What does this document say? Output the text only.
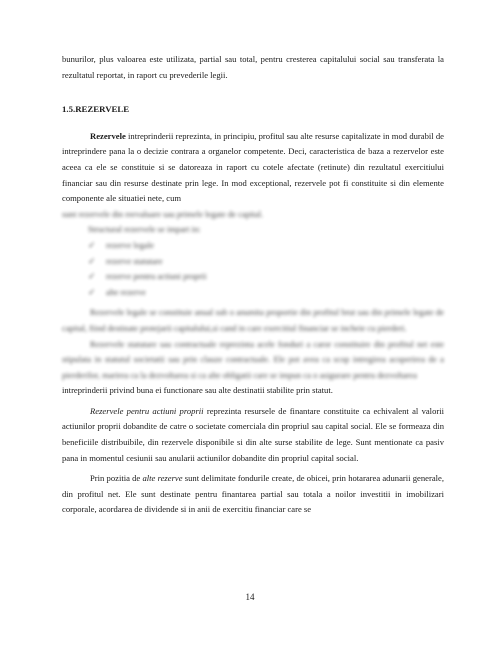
bunurilor, plus valoarea este utilizata, partial sau total, pentru cresterea capitalului social sau transferata la rezultatul reportat, in raport cu prevederile legii.

1.5.REZERVELE

Rezervele intreprinderii reprezinta, in principiu, profitul sau alte resurse capitalizate in mod durabil de intreprindere pana la o decizie contrara a organelor competente. Deci, caracteristica de baza a rezervelor este aceea ca ele se constituie si se datoreaza in raport cu cotele afectate (retinute) din rezultatul exercitiului financiar sau din resurse destinate prin lege. In mod exceptional, rezervele pot fi constituite si din elemente componente ale situatiei nete, cum

sunt rezervele din reevaluare sau primele legate de capital.

Structural rezervele se impart in:
✓	rezerve legale
✓	rezerve statutare
✓	rezerve pentru actiuni proprii
✓	alte rezerve

Rezervele legale se constituie anual sub o anumita proportie din profitul brut sau din primele legate de capital, fiind destinate protejarii capitalului,si cand in care exercitiul financiar se incheie cu pierderi.

Rezervele statutare sau contractuale reprezinta acele fonduri a caror constituire din profitul net este stipulata in statutul societatii sau prin clauze contractuale. Ele pot avea ca scop intregirea acoperirea de a pierderilor, marirea ca la dezvoltarea si ca alte obligatii care se impun ca o asigurare pentru dezvoltarea

intreprinderii privind buna ei functionare sau alte destinatii stabilite prin statut.

Rezervele pentru actiuni proprii reprezinta resursele de finantare constituite ca echivalent al valorii actiunilor proprii dobandite de catre o societate comerciala din propriul sau capital social. Ele se formeaza din beneficiile distribuibile, din rezervele disponibile si din alte surse stabilite de lege. Sunt mentionate ca pasiv pana in momentul cesiunii sau anularii actiunilor dobandite din propriul capital social.

Prin pozitia de alte rezerve sunt delimitate fondurile create, de obicei, prin hotararea adunarii generale, din profitul net. Ele sunt destinate pentru finantarea partial sau totala a noilor investitii in imobilizari corporale, acordarea de dividende si in anii de exercitiu financiar care se

14
